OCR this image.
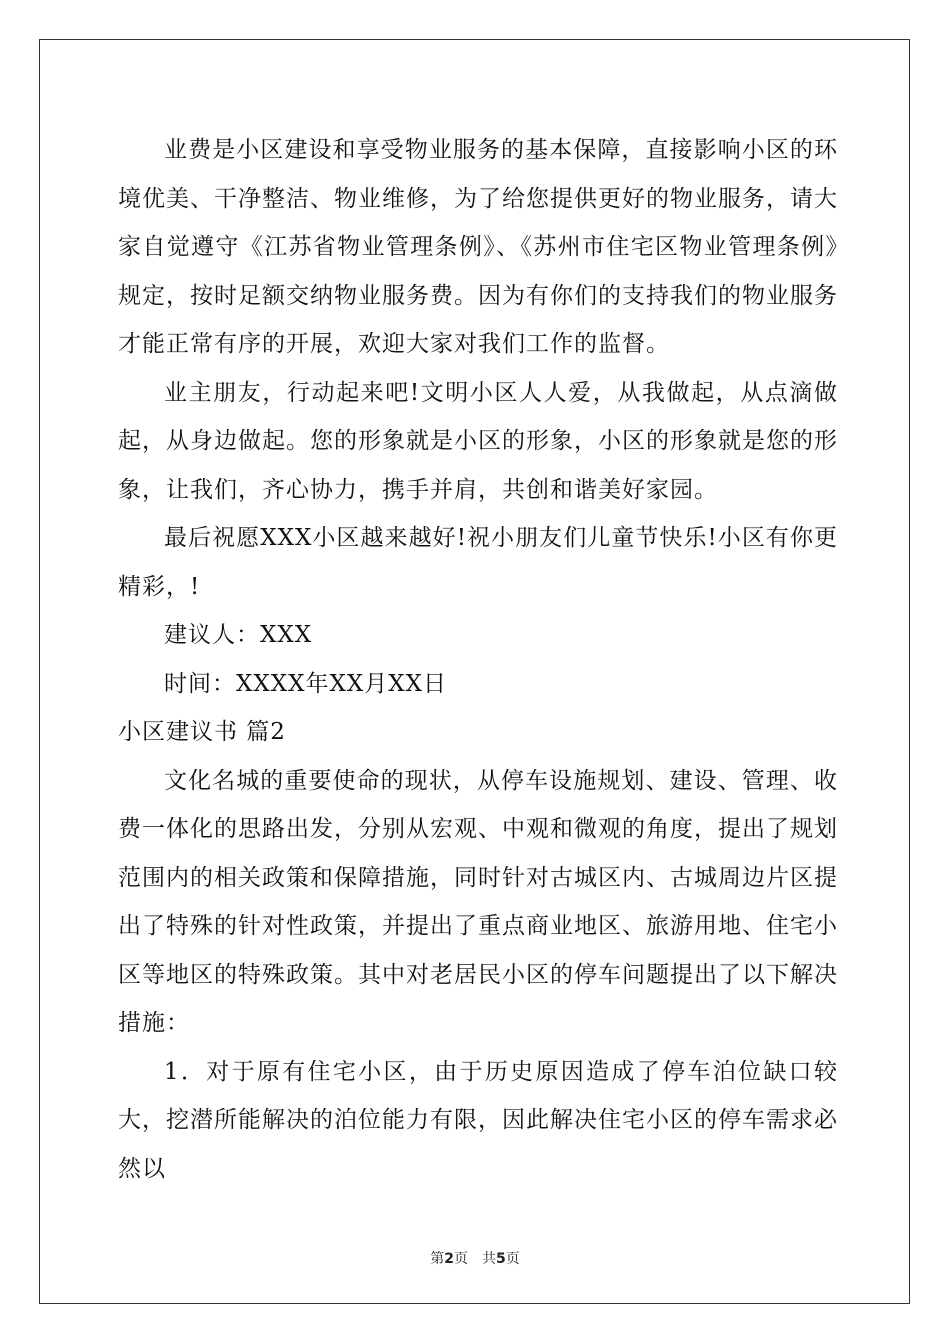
业费是小区建设和享受物业服务的基本保障，直接影响小区的环境优美、干净整洁、物业维修，为了给您提供更好的物业服务，请大家自觉遵守《江苏省物业管理条例》、《苏州市住宅区物业管理条例》规定，按时足额交纳物业服务费。因为有你们的支持我们的物业服务才能正常有序的开展，欢迎大家对我们工作的监督。

业主朋友，行动起来吧!文明小区人人爱，从我做起，从点滴做起，从身边做起。您的形象就是小区的形象，小区的形象就是您的形象，让我们，齐心协力，携手并肩，共创和谐美好家园。

最后祝愿XXX小区越来越好!祝小朋友们儿童节快乐!小区有你更精彩，!

建议人：XXX

时间：XXXX年XX月XX日

小区建议书 篇2

文化名城的重要使命的现状，从停车设施规划、建设、管理、收费一体化的思路出发，分别从宏观、中观和微观的角度，提出了规划范围内的相关政策和保障措施，同时针对古城区内、古城周边片区提出了特殊的针对性政策，并提出了重点商业地区、旅游用地、住宅小区等地区的特殊政策。其中对老居民小区的停车问题提出了以下解决措施：

1．对于原有住宅小区，由于历史原因造成了停车泊位缺口较大，挖潜所能解决的泊位能力有限，因此解决住宅小区的停车需求必然以

第2页　共5页
